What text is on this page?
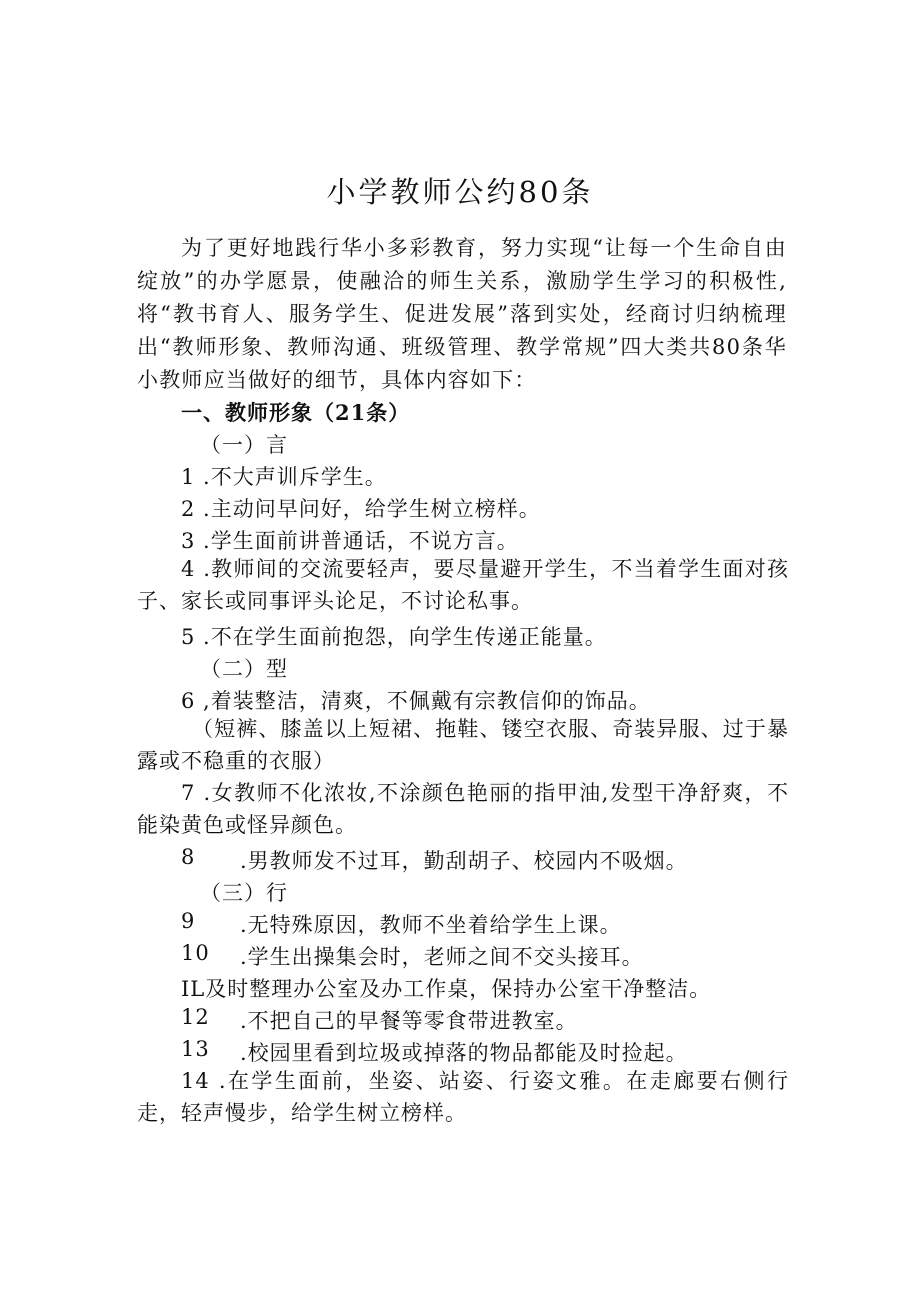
小学教师公约80条

为了更好地践行华小多彩教育，努力实现“让每一个生命自由绽放”的办学愿景，使融洽的师生关系，激励学生学习的积极性,将“教书育人、服务学生、促进发展”落到实处，经商讨归纳梳理出“教师形象、教师沟通、班级管理、教学常规”四大类共80条华小教师应当做好的细节，具体内容如下：

一、教师形象（21条）
（一）言
1 .不大声训斥学生。
2 .主动问早问好，给学生树立榜样。
3 .学生面前讲普通话，不说方言。

4 .教师间的交流要轻声，要尽量避开学生，不当着学生面对孩子、家长或同事评头论足，不讨论私事。

5 .不在学生面前抱怨，向学生传递正能量。
（二）型
6 ,着装整洁，清爽，不佩戴有宗教信仰的饰品。

（短裤、膝盖以上短裙、拖鞋、镂空衣服、奇装异服、过于暴露或不稳重的衣服）

7 .女教师不化浓妆,不涂颜色艳丽的指甲油,发型干净舒爽，不能染黄色或怪异颜色。

8 .男教师发不过耳，勤刮胡子、校园内不吸烟。
（三）行
9 .无特殊原因，教师不坐着给学生上课。
10 .学生出操集会时，老师之间不交头接耳。
IL及时整理办公室及办工作桌，保持办公室干净整洁。
12 .不把自己的早餐等零食带进教室。
13 .校园里看到垃圾或掉落的物品都能及时捡起。

14 .在学生面前，坐姿、站姿、行姿文雅。在走廊要右侧行走，轻声慢步，给学生树立榜样。
